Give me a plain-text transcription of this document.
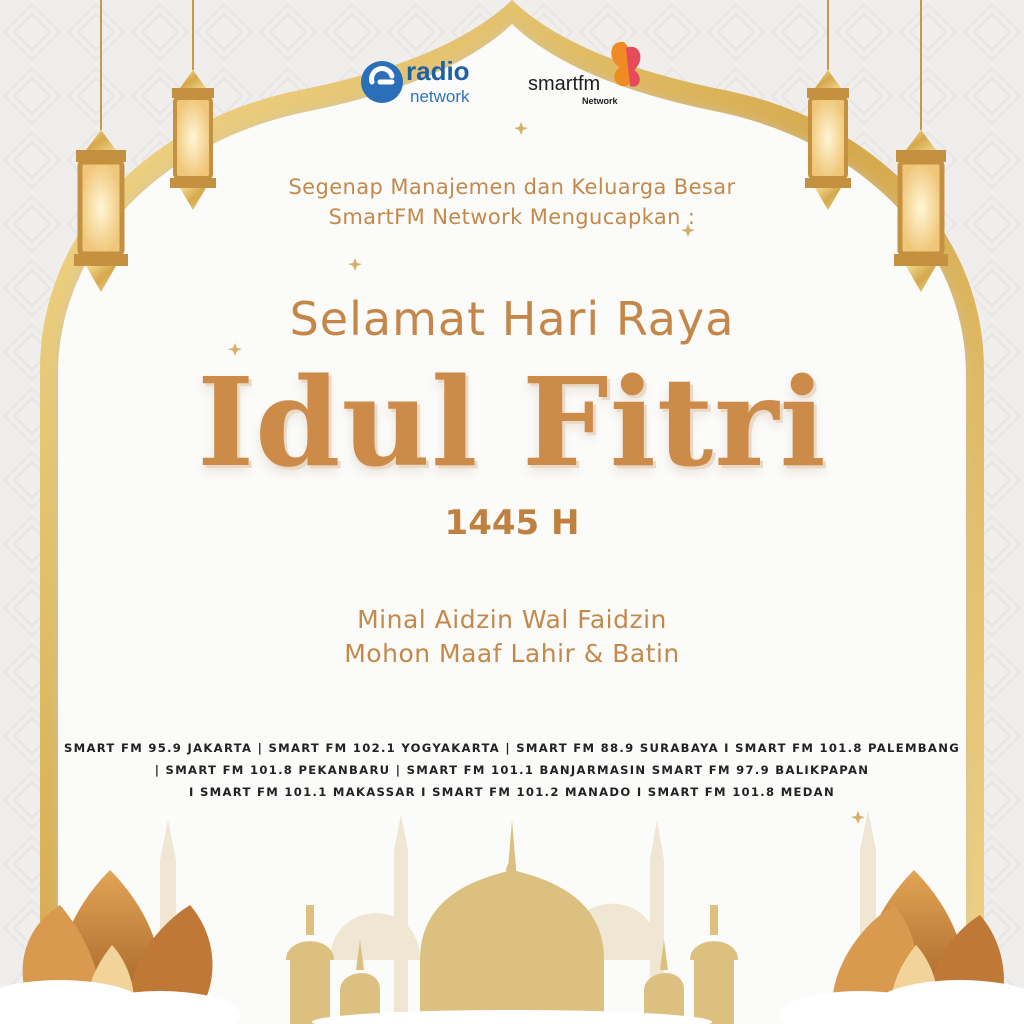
radio
network
smartfm
Network
Segenap Manajemen dan Keluarga Besar
SmartFM Network Mengucapkan :
Selamat Hari Raya
Idul Fitri
1445 H
Minal Aidzin Wal Faidzin
Mohon Maaf Lahir & Batin
SMART FM 95.9 JAKARTA | SMART FM 102.1 YOGYAKARTA | SMART FM 88.9 SURABAYA I SMART FM 101.8 PALEMBANG
| SMART FM 101.8 PEKANBARU | SMART FM 101.1 BANJARMASIN SMART FM 97.9 BALIKPAPAN
I SMART FM 101.1 MAKASSAR I SMART FM 101.2 MANADO I SMART FM 101.8 MEDAN
